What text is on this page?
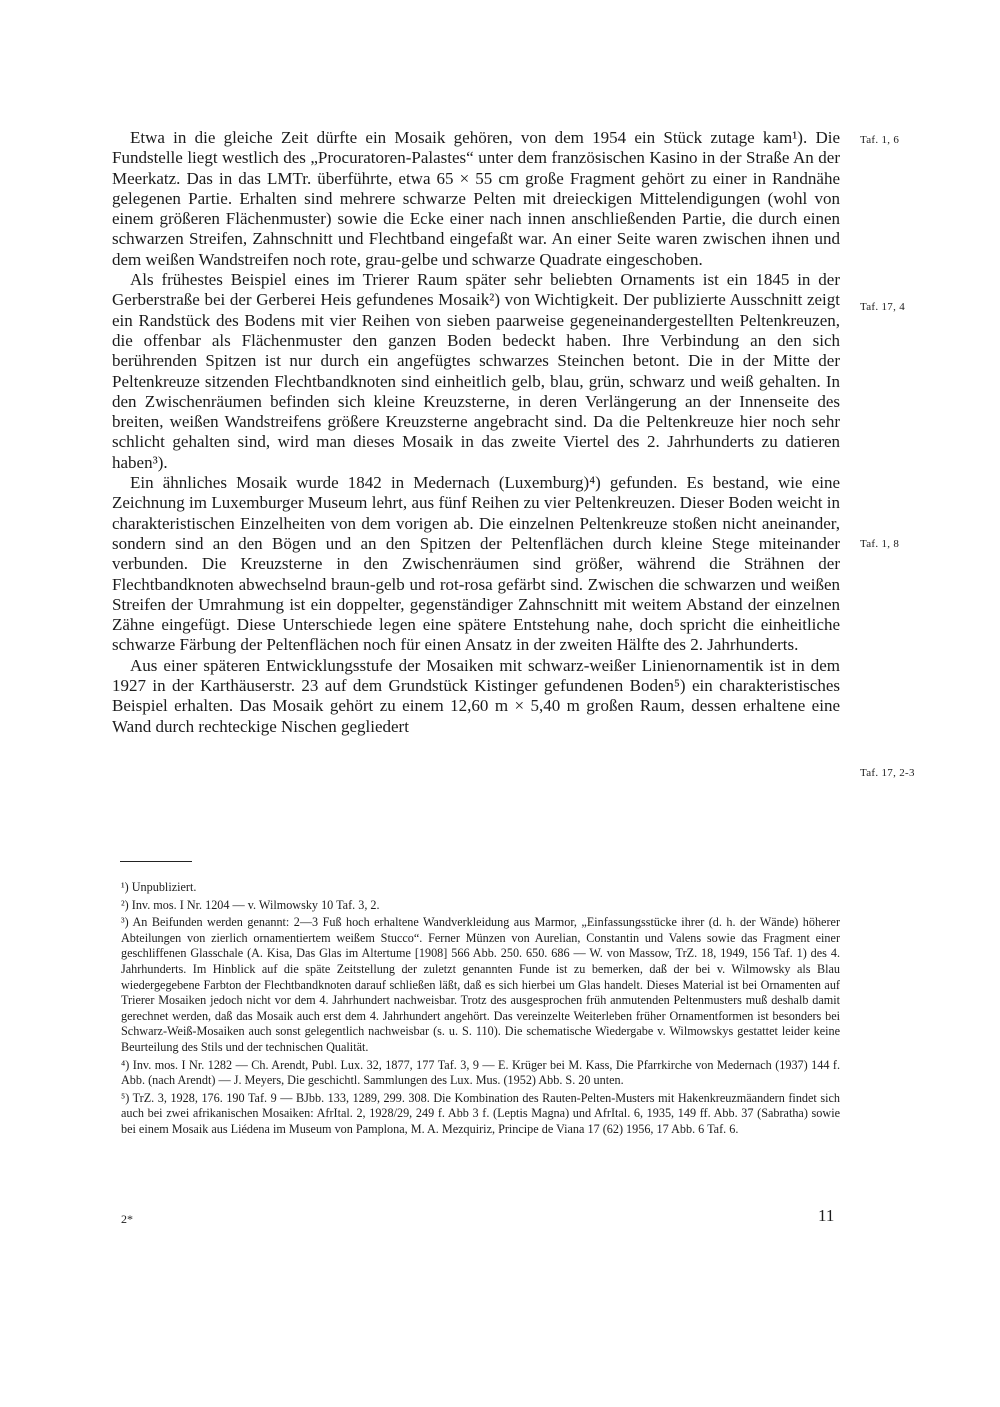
Etwa in die gleiche Zeit dürfte ein Mosaik gehören, von dem 1954 ein Stück zutage kam¹). Die Fundstelle liegt westlich des „Procuratoren-Palastes“ unter dem französischen Kasino in der Straße An der Meerkatz. Das in das LMTr. überführte, etwa 65 × 55 cm große Fragment gehört zu einer in Randnähe gelegenen Partie. Erhalten sind mehrere schwarze Pelten mit dreieckigen Mittelendigungen (wohl von einem größeren Flächenmuster) sowie die Ecke einer nach innen anschließenden Partie, die durch einen schwarzen Streifen, Zahnschnitt und Flechtband eingefaßt war. An einer Seite waren zwischen ihnen und dem weißen Wandstreifen noch rote, grau-gelbe und schwarze Quadrate eingeschoben.

Als frühestes Beispiel eines im Trierer Raum später sehr beliebten Ornaments ist ein 1845 in der Gerberstraße bei der Gerberei Heis gefundenes Mosaik²) von Wichtigkeit. Der publizierte Ausschnitt zeigt ein Randstück des Bodens mit vier Reihen von sieben paarweise gegeneinandergestellten Peltenkreuzen, die offenbar als Flächenmuster den ganzen Boden bedeckt haben. Ihre Verbindung an den sich berührenden Spitzen ist nur durch ein angefügtes schwarzes Steinchen betont. Die in der Mitte der Peltenkreuze sitzenden Flechtbandknoten sind einheitlich gelb, blau, grün, schwarz und weiß gehalten. In den Zwischenräumen befinden sich kleine Kreuzsterne, in deren Verlängerung an der Innenseite des breiten, weißen Wandstreifens größere Kreuzsterne angebracht sind. Da die Peltenkreuze hier noch sehr schlicht gehalten sind, wird man dieses Mosaik in das zweite Viertel des 2. Jahrhunderts zu datieren haben³).

Ein ähnliches Mosaik wurde 1842 in Medernach (Luxemburg)⁴) gefunden. Es bestand, wie eine Zeichnung im Luxemburger Museum lehrt, aus fünf Reihen zu vier Peltenkreuzen. Dieser Boden weicht in charakteristischen Einzelheiten von dem vorigen ab. Die einzelnen Peltenkreuze stoßen nicht aneinander, sondern sind an den Bögen und an den Spitzen der Peltenflächen durch kleine Stege miteinander verbunden. Die Kreuzsterne in den Zwischenräumen sind größer, während die Strähnen der Flechtbandknoten abwechselnd braun-gelb und rot-rosa gefärbt sind. Zwischen die schwarzen und weißen Streifen der Umrahmung ist ein doppelter, gegenständiger Zahnschnitt mit weitem Abstand der einzelnen Zähne eingefügt. Diese Unterschiede legen eine spätere Entstehung nahe, doch spricht die einheitliche schwarze Färbung der Peltenflächen noch für einen Ansatz in der zweiten Hälfte des 2. Jahrhunderts.

Aus einer späteren Entwicklungsstufe der Mosaiken mit schwarz-weißer Linienornamentik ist in dem 1927 in der Karthäuserstr. 23 auf dem Grundstück Kistinger gefundenen Boden⁵) ein charakteristisches Beispiel erhalten. Das Mosaik gehört zu einem 12,60 m × 5,40 m großen Raum, dessen erhaltene eine Wand durch rechteckige Nischen gegliedert

Taf. 1, 6
Taf. 17, 4
Taf. 1, 8
Taf. 17, 2-3

¹) Unpubliziert.

²) Inv. mos. I Nr. 1204 — v. Wilmowsky 10 Taf. 3, 2.

³) An Beifunden werden genannt: 2—3 Fuß hoch erhaltene Wandverkleidung aus Marmor, „Einfassungsstücke ihrer (d. h. der Wände) höherer Abteilungen von zierlich ornamentiertem weißem Stucco“. Ferner Münzen von Aurelian, Constantin und Valens sowie das Fragment einer geschliffenen Glasschale (A. Kisa, Das Glas im Altertume [1908] 566 Abb. 250. 650. 686 — W. von Massow, TrZ. 18, 1949, 156 Taf. 1) des 4. Jahrhunderts. Im Hinblick auf die späte Zeitstellung der zuletzt genannten Funde ist zu bemerken, daß der bei v. Wilmowsky als Blau wiedergegebene Farbton der Flechtbandknoten darauf schließen läßt, daß es sich hierbei um Glas handelt. Dieses Material ist bei Ornamenten auf Trierer Mosaiken jedoch nicht vor dem 4. Jahrhundert nachweisbar. Trotz des ausgesprochen früh anmutenden Peltenmusters muß deshalb damit gerechnet werden, daß das Mosaik auch erst dem 4. Jahrhundert angehört. Das vereinzelte Weiterleben früher Ornamentformen ist besonders bei Schwarz-Weiß-Mosaiken auch sonst gelegentlich nachweisbar (s. u. S. 110). Die schematische Wiedergabe v. Wilmowskys gestattet leider keine Beurteilung des Stils und der technischen Qualität.

⁴) Inv. mos. I Nr. 1282 — Ch. Arendt, Publ. Lux. 32, 1877, 177 Taf. 3, 9 — E. Krüger bei M. Kass, Die Pfarrkirche von Medernach (1937) 144 f. Abb. (nach Arendt) — J. Meyers, Die geschichtl. Sammlungen des Lux. Mus. (1952) Abb. S. 20 unten.

⁵) TrZ. 3, 1928, 176. 190 Taf. 9 — BJbb. 133, 1289, 299. 308. Die Kombination des Rauten-Pelten-Musters mit Hakenkreuzmäandern findet sich auch bei zwei afrikanischen Mosaiken: AfrItal. 2, 1928/29, 249 f. Abb 3 f. (Leptis Magna) und AfrItal. 6, 1935, 149 ff. Abb. 37 (Sabratha) sowie bei einem Mosaik aus Liédena im Museum von Pamplona, M. A. Mezquiriz, Principe de Viana 17 (62) 1956, 17 Abb. 6 Taf. 6.

2*	11
